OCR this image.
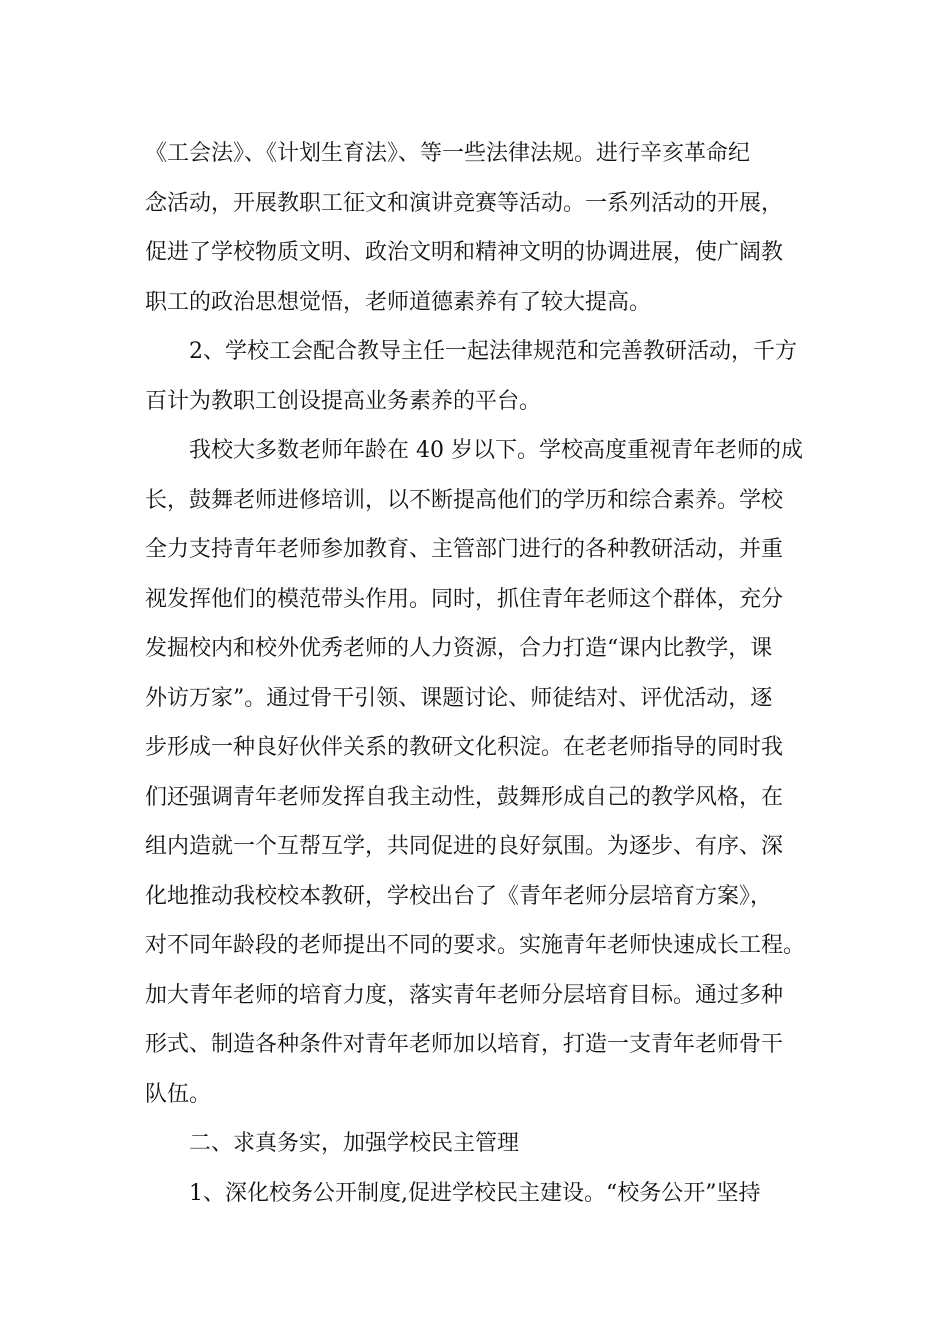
《工会法》、《计划生育法》、等一些法律法规。进行辛亥革命纪
念活动，开展教职工征文和演讲竞赛等活动。一系列活动的开展，
促进了学校物质文明、政治文明和精神文明的协调进展，使广阔教
职工的政治思想觉悟，老师道德素养有了较大提高。
2、学校工会配合教导主任一起法律规范和完善教研活动，千方
百计为教职工创设提高业务素养的平台。
我校大多数老师年龄在 40 岁以下。学校高度重视青年老师的成
长，鼓舞老师进修培训，以不断提高他们的学历和综合素养。学校
全力支持青年老师参加教育、主管部门进行的各种教研活动，并重
视发挥他们的模范带头作用。同时，抓住青年老师这个群体，充分
发掘校内和校外优秀老师的人力资源，合力打造“课内比教学，课
外访万家”。通过骨干引领、课题讨论、师徒结对、评优活动，逐
步形成一种良好伙伴关系的教研文化积淀。在老老师指导的同时我
们还强调青年老师发挥自我主动性，鼓舞形成自己的教学风格，在
组内造就一个互帮互学，共同促进的良好氛围。为逐步、有序、深
化地推动我校校本教研，学校出台了《青年老师分层培育方案》，
对不同年龄段的老师提出不同的要求。实施青年老师快速成长工程。
加大青年老师的培育力度，落实青年老师分层培育目标。通过多种
形式、制造各种条件对青年老师加以培育，打造一支青年老师骨干
队伍。
二、求真务实，加强学校民主管理
1、深化校务公开制度,促进学校民主建设。“校务公开”坚持
